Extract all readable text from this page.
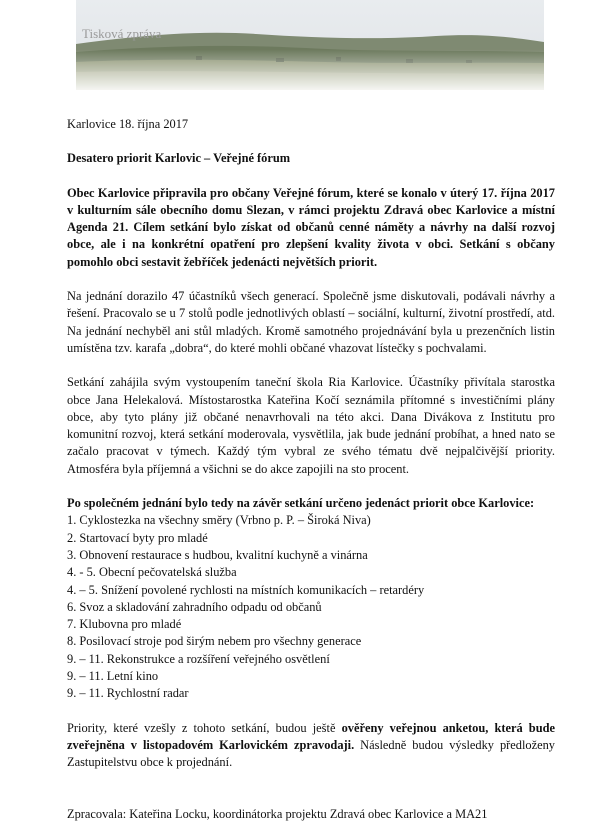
Tisková zpráva

Karlovice 18. října 2017

Desatero priorit Karlovic – Veřejné fórum

Obec Karlovice připravila pro občany Veřejné fórum, které se konalo v úterý 17. října 2017 v kulturním sále obecního domu Slezan, v rámci projektu Zdravá obec Karlovice a místní Agenda 21. Cílem setkání bylo získat od občanů cenné náměty a návrhy na další rozvoj obce, ale i na konkrétní opatření pro zlepšení kvality života v obci. Setkání s občany pomohlo obci sestavit žebříček jedenácti největších priorit.

Na jednání dorazilo 47 účastníků všech generací. Společně jsme diskutovali, podávali návrhy a řešení. Pracovalo se u 7 stolů podle jednotlivých oblastí – sociální, kulturní, životní prostředí, atd. Na jednání nechyběl ani stůl mladých. Kromě samotného projednávání byla u prezenčních listin umístěna tzv. karafa „dobra“, do které mohli občané vhazovat lístečky s pochvalami.

Setkání zahájila svým vystoupením taneční škola Ria Karlovice. Účastníky přivítala starostka obce Jana Helekalová. Místostarostka Kateřina Kočí seznámila přítomné s investičními plány obce, aby tyto plány již občané nenavrhovali na této akci. Dana Divákova z Institutu pro komunitní rozvoj, která setkání moderovala, vysvětlila, jak bude jednání probíhat, a hned nato se začalo pracovat v týmech. Každý tým vybral ze svého tématu dvě nejpalčivější priority. Atmosféra byla příjemná a všichni se do akce zapojili na sto procent.

Po společném jednání bylo tedy na závěr setkání určeno jedenáct priorit obce Karlovice:

1. Cyklostezka na všechny směry (Vrbno p. P. – Široká Niva)
2. Startovací byty pro mladé
3. Obnovení restaurace s hudbou, kvalitní kuchyně a vinárna
4. - 5. Obecní pečovatelská služba
4. – 5. Snížení povolené rychlosti na místních komunikacích – retardéry
6. Svoz a skladování zahradního odpadu od občanů
7. Klubovna pro mladé
8. Posilovací stroje pod širým nebem pro všechny generace
9. – 11. Rekonstrukce a rozšíření veřejného osvětlení
9. – 11. Letní kino
9. – 11. Rychlostní radar

Priority, které vzešly z tohoto setkání, budou ještě ověřeny veřejnou anketou, která bude zveřejněna v listopadovém Karlovickém zpravodaji. Následně budou výsledky předloženy Zastupitelstvu obce k projednání.

Zpracovala: Kateřina Locku, koordinátorka projektu Zdravá obec Karlovice a MA21
